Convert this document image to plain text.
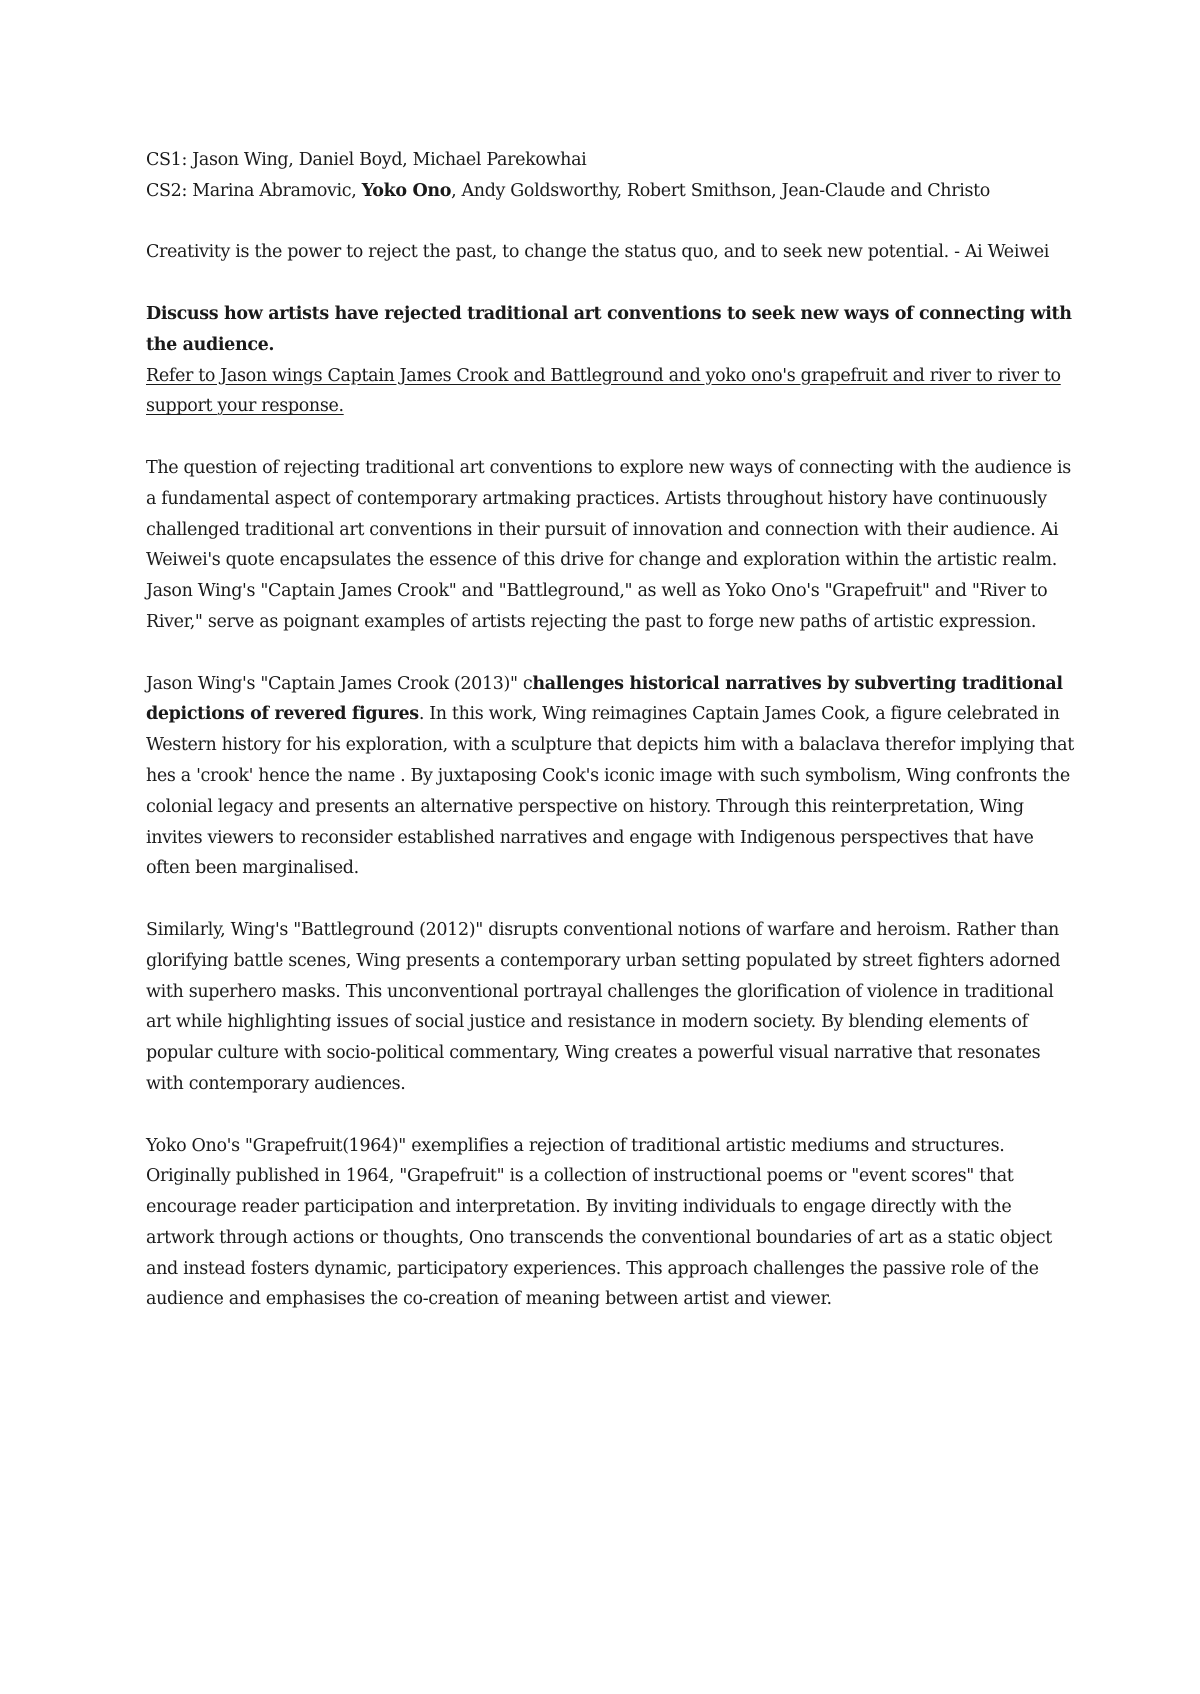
CS1: Jason Wing, Daniel Boyd, Michael Parekowhai

CS2: Marina Abramovic, Yoko Ono, Andy Goldsworthy, Robert Smithson, Jean-Claude and Christo

Creativity is the power to reject the past, to change the status quo, and to seek new potential. - Ai Weiwei

Discuss how artists have rejected traditional art conventions to seek new ways of connecting with the audience.

Refer to Jason wings Captain James Crook and Battleground and yoko ono's grapefruit and river to river to support your response.

The question of rejecting traditional art conventions to explore new ways of connecting with the audience is a fundamental aspect of contemporary artmaking practices. Artists throughout history have continuously challenged traditional art conventions in their pursuit of innovation and connection with their audience. Ai Weiwei's quote encapsulates the essence of this drive for change and exploration within the artistic realm. Jason Wing's "Captain James Crook" and "Battleground," as well as Yoko Ono's "Grapefruit" and "River to River," serve as poignant examples of artists rejecting the past to forge new paths of artistic expression.

Jason Wing's "Captain James Crook (2013)" challenges historical narratives by subverting traditional depictions of revered figures. In this work, Wing reimagines Captain James Cook, a figure celebrated in Western history for his exploration, with a sculpture that depicts him with a balaclava therefor implying that hes a 'crook' hence the name . By juxtaposing Cook's iconic image with such symbolism, Wing confronts the colonial legacy and presents an alternative perspective on history. Through this reinterpretation, Wing invites viewers to reconsider established narratives and engage with Indigenous perspectives that have often been marginalised.

Similarly, Wing's "Battleground (2012)" disrupts conventional notions of warfare and heroism. Rather than glorifying battle scenes, Wing presents a contemporary urban setting populated by street fighters adorned with superhero masks. This unconventional portrayal challenges the glorification of violence in traditional art while highlighting issues of social justice and resistance in modern society. By blending elements of popular culture with socio-political commentary, Wing creates a powerful visual narrative that resonates with contemporary audiences.

Yoko Ono's "Grapefruit(1964)" exemplifies a rejection of traditional artistic mediums and structures. Originally published in 1964, "Grapefruit" is a collection of instructional poems or "event scores" that encourage reader participation and interpretation. By inviting individuals to engage directly with the artwork through actions or thoughts, Ono transcends the conventional boundaries of art as a static object and instead fosters dynamic, participatory experiences. This approach challenges the passive role of the audience and emphasises the co-creation of meaning between artist and viewer.
